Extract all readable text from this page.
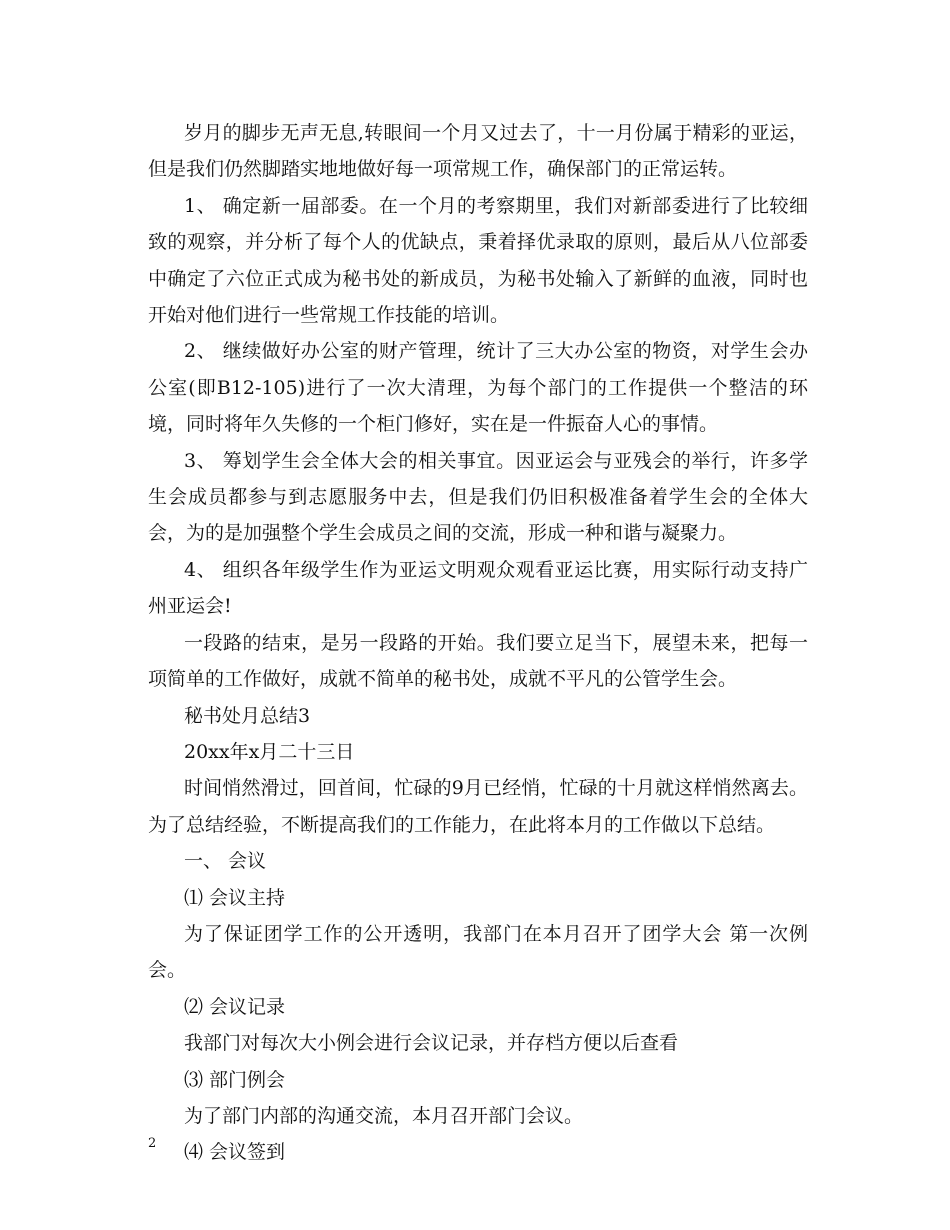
岁月的脚步无声无息,转眼间一个月又过去了，十一月份属于精彩的亚运，但是我们仍然脚踏实地地做好每一项常规工作，确保部门的正常运转。

1、 确定新一届部委。在一个月的考察期里，我们对新部委进行了比较细致的观察，并分析了每个人的优缺点，秉着择优录取的原则，最后从八位部委中确定了六位正式成为秘书处的新成员，为秘书处输入了新鲜的血液，同时也开始对他们进行一些常规工作技能的培训。

2、 继续做好办公室的财产管理，统计了三大办公室的物资，对学生会办公室(即B12-105)进行了一次大清理，为每个部门的工作提供一个整洁的环境，同时将年久失修的一个柜门修好，实在是一件振奋人心的事情。

3、 筹划学生会全体大会的相关事宜。因亚运会与亚残会的举行，许多学生会成员都参与到志愿服务中去，但是我们仍旧积极准备着学生会的全体大会，为的是加强整个学生会成员之间的交流，形成一种和谐与凝聚力。

4、 组织各年级学生作为亚运文明观众观看亚运比赛，用实际行动支持广州亚运会!

一段路的结束，是另一段路的开始。我们要立足当下，展望未来，把每一项简单的工作做好，成就不简单的秘书处，成就不平凡的公管学生会。

秘书处月总结3

20xx年x月二十三日

时间悄然滑过，回首间，忙碌的9月已经悄，忙碌的十月就这样悄然离去。为了总结经验，不断提高我们的工作能力，在此将本月的工作做以下总结。

一、 会议

⑴ 会议主持

为了保证团学工作的公开透明，我部门在本月召开了团学大会 第一次例会。

⑵ 会议记录

我部门对每次大小例会进行会议记录，并存档方便以后查看

⑶ 部门例会

为了部门内部的沟通交流，本月召开部门会议。

⑷ 会议签到

2
